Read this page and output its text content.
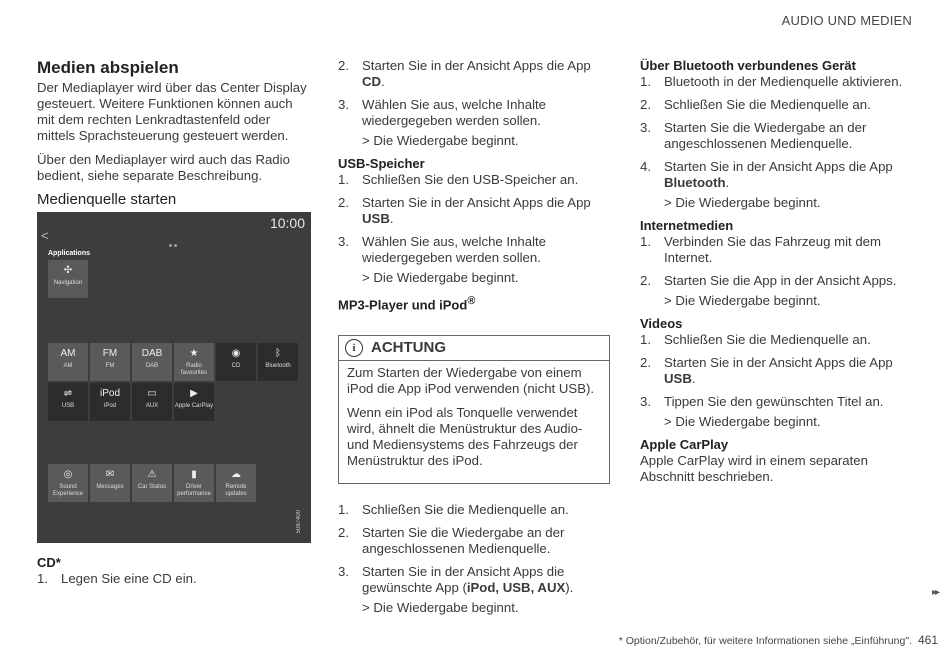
AUDIO UND MEDIEN
Medien abspielen

Der Mediaplayer wird über das Center Display gesteuert. Weitere Funktionen können auch mit dem rechten Lenkradtastenfeld oder mittels Sprachsteuerung gesteuert werden.

Über den Mediaplayer wird auch das Radio bedient, siehe separate Beschreibung.

Medienquelle starten
<
10:00
Applications
✣
Navigation
AM
AM
FM
FM
DAB
DAB
★
Radio favourites
◉
CD
ᛒ
Bluetooth
⇌
USB
iPod
iPod
▭
AUX
▶
Apple CarPlay
◎
Sound Experience
✉
Messages
⚠
Car Status
▮
Driver performance
☁
Remote updates
5087400
CD*
1. Legen Sie eine CD ein.
2. Starten Sie in der Ansicht Apps die App CD.
3. Wählen Sie aus, welche Inhalte wiedergegeben werden sollen.
> Die Wiedergabe beginnt.
USB-Speicher
1. Schließen Sie den USB-Speicher an.
2. Starten Sie in der Ansicht Apps die App USB.
3. Wählen Sie aus, welche Inhalte wiedergegeben werden sollen.
> Die Wiedergabe beginnt.
MP3-Player und iPod®
i	ACHTUNG

Zum Starten der Wiedergabe von einem iPod die App iPod verwenden (nicht USB).

Wenn ein iPod als Tonquelle verwendet wird, ähnelt die Menüstruktur des Audio- und Mediensystems des Fahrzeugs der Menüstruktur des iPod.

1. Schließen Sie die Medienquelle an.
2. Starten Sie die Wiedergabe an der angeschlossenen Medienquelle.
3. Starten Sie in der Ansicht Apps die gewünschte App (iPod, USB, AUX).
> Die Wiedergabe beginnt.
Über Bluetooth verbundenes Gerät
1. Bluetooth in der Medienquelle aktivieren.
2. Schließen Sie die Medienquelle an.
3. Starten Sie die Wiedergabe an der angeschlossenen Medienquelle.
4. Starten Sie in der Ansicht Apps die App Bluetooth.
> Die Wiedergabe beginnt.
Internetmedien
1. Verbinden Sie das Fahrzeug mit dem Internet.
2. Starten Sie die App in der Ansicht Apps.
> Die Wiedergabe beginnt.
Videos
1. Schließen Sie die Medienquelle an.
2. Starten Sie in der Ansicht Apps die App USB.
3. Tippen Sie den gewünschten Titel an.
> Die Wiedergabe beginnt.
Apple CarPlay

Apple CarPlay wird in einem separaten Abschnitt beschrieben.

▸▸
* Option/Zubehör, für weitere Informationen siehe „Einführung". 461
